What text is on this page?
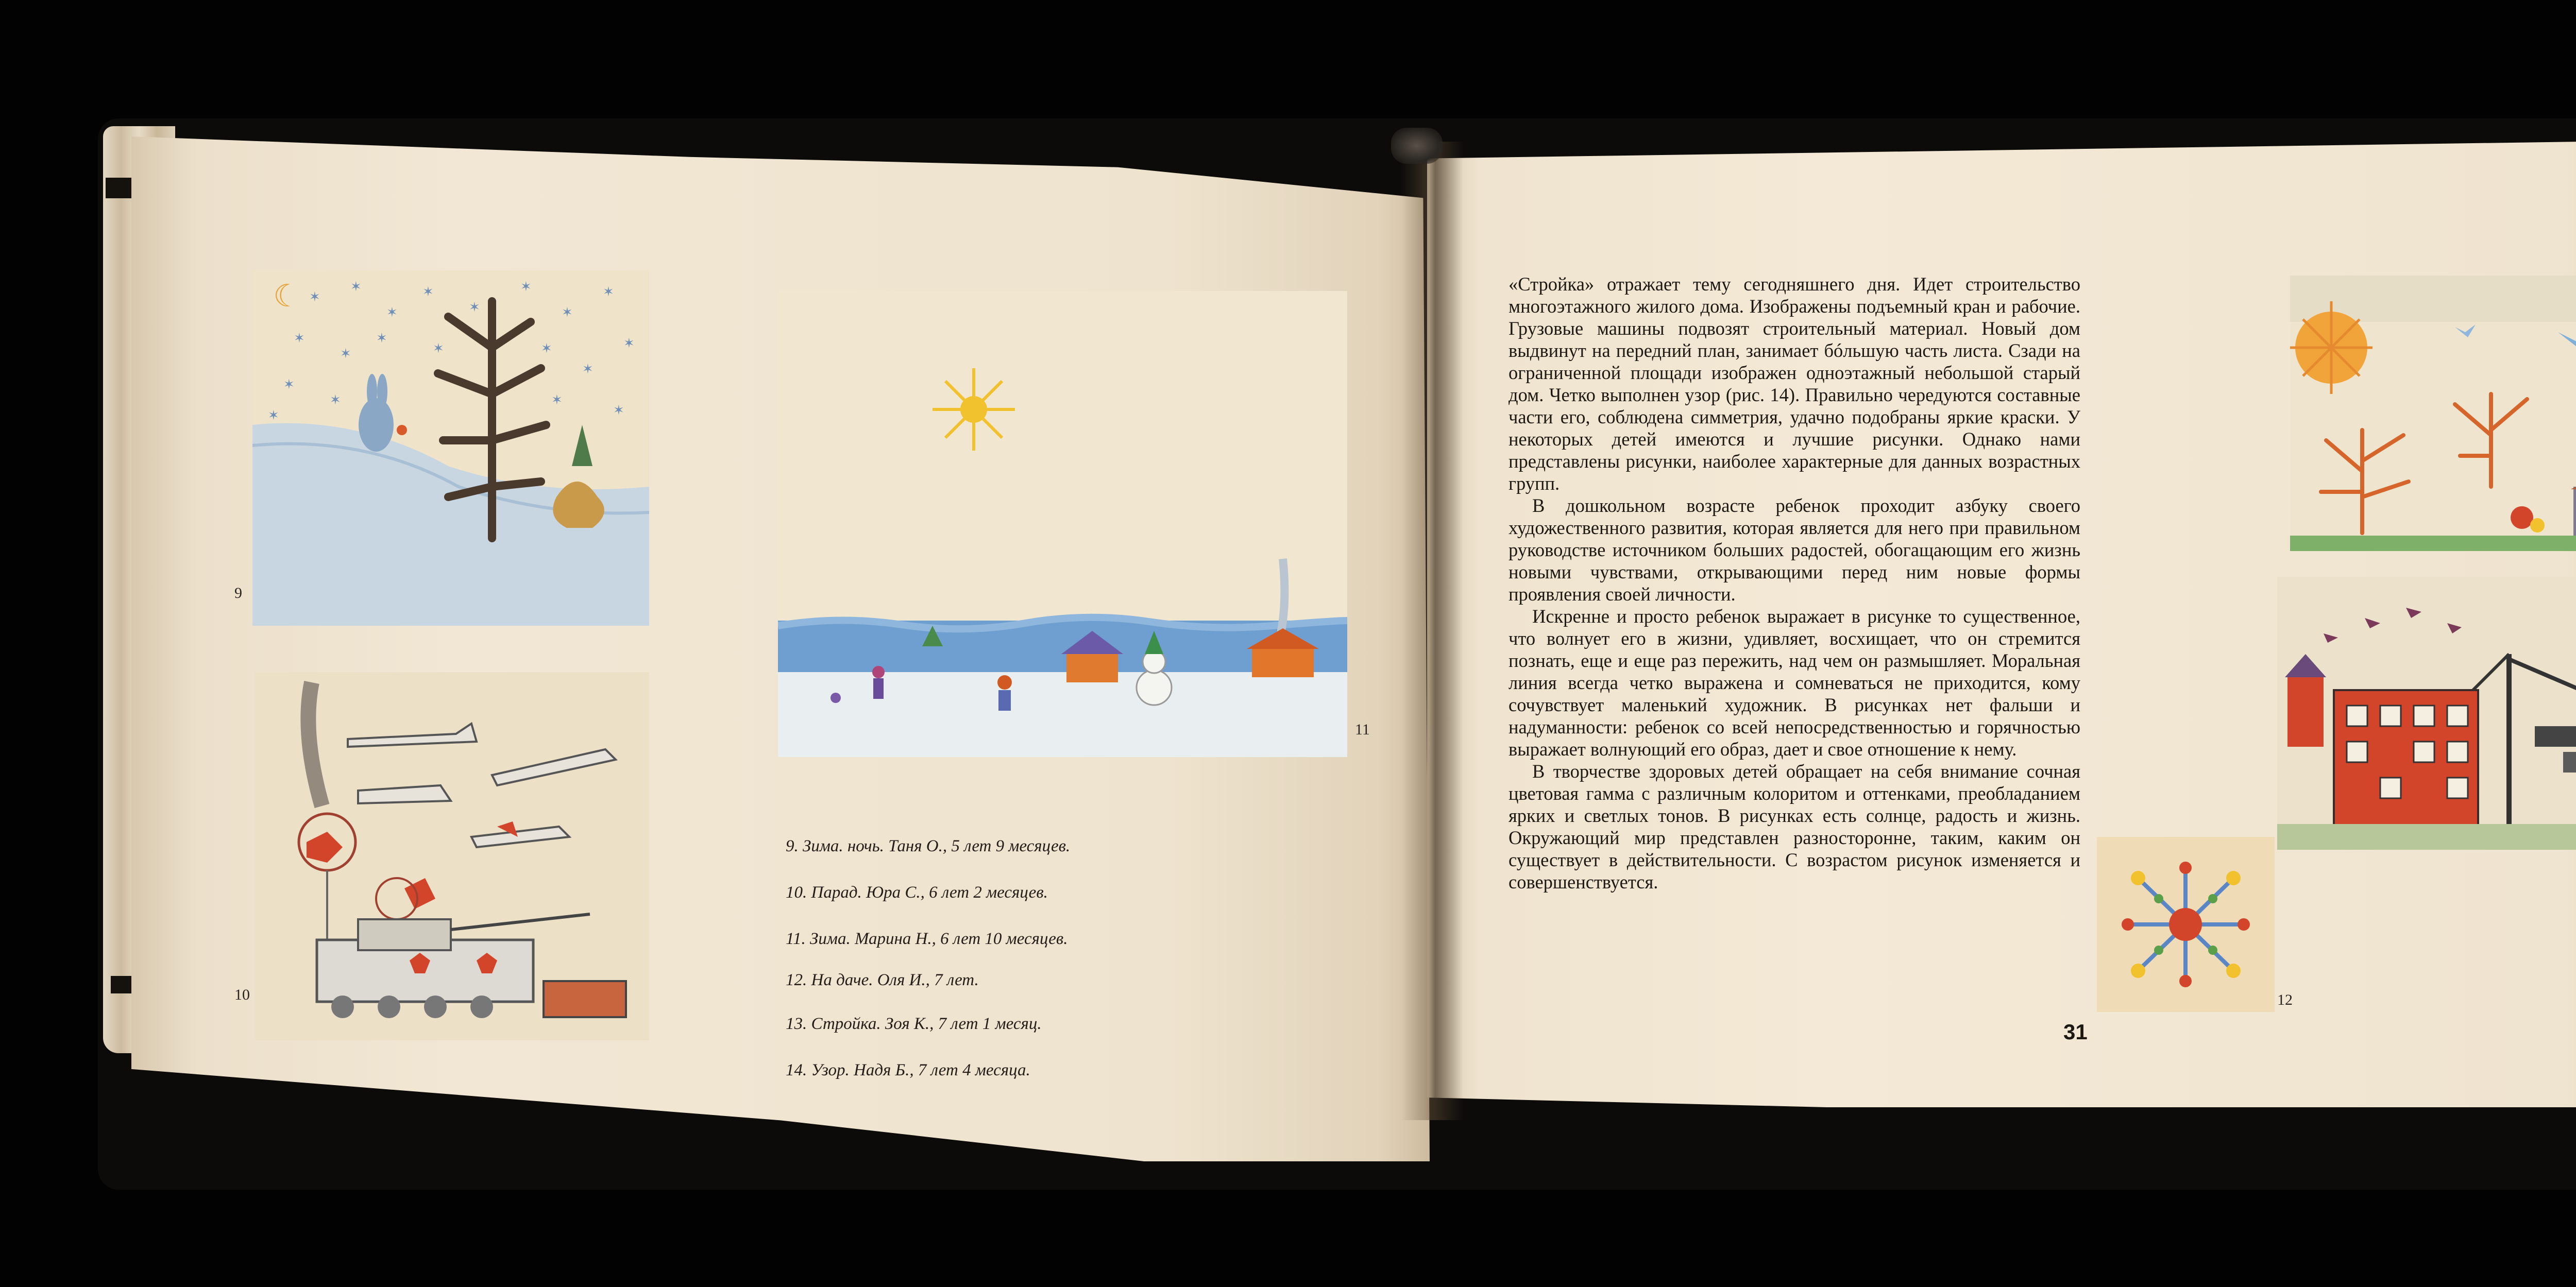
☾ ✶
✶
✶
✶
✶
✶
✶
✶
✶
✶
✶
✶	✶
✶
✶
✶
✶	✶
✶
✶
9
10
11
9. Зима. ночь. Таня О., 5 лет 9 месяцев.
10. Парад. Юра С., 6 лет 2 месяцев.
11. Зима. Марина Н., 6 лет 10 месяцев.
12. На даче. Оля И., 7 лет.
13. Стройка. Зоя К., 7 лет 1 месяц.
14. Узор. Надя Б., 7 лет 4 месяца.

«Стройка» отражает тему сегодняшнего дня. Идет строительство многоэтажного жилого дома. Изображены подъемный кран и рабочие. Грузовые машины подвозят строительный материал. Новый дом выдвинут на передний план, занимает бóльшую часть листа. Сзади на ограниченной площади изображен одноэтажный небольшой старый дом. Четко выполнен узор (рис. 14). Правильно чередуются составные части его, соблюдена симметрия, удачно подобраны яркие краски. У некоторых детей имеются и лучшие рисунки. Однако нами представлены рисунки, наиболее характерные для данных возрастных групп.

В дошкольном возрасте ребенок проходит азбуку своего художественного развития, которая является для него при правильном руководстве источником больших радостей, обогащающим его жизнь новыми чувствами, открывающими перед ним новые формы проявления своей личности.

Искренне и просто ребенок выражает в рисунке то существенное, что волнует его в жизни, удивляет, восхищает, что он стремится познать, еще и еще раз пережить, над чем он размышляет. Моральная линия всегда четко выражена и сомневаться не приходится, кому сочувствует маленький художник. В рисунках нет фальши и надуманности: ребенок со всей непосредственностью и горячностью выражает волнующий его образ, дает и свое отношение к нему.

В творчестве здоровых детей обращает на себя внимание сочная цветовая гамма с различным колоритом и оттенками, преобладанием ярких и светлых тонов. В рисунках есть солнце, радость и жизнь. Окружающий мир представлен разносторонне, таким, каким он существует в действительности. С возрастом рисунок изменяется и совершенствуется.

31
12
